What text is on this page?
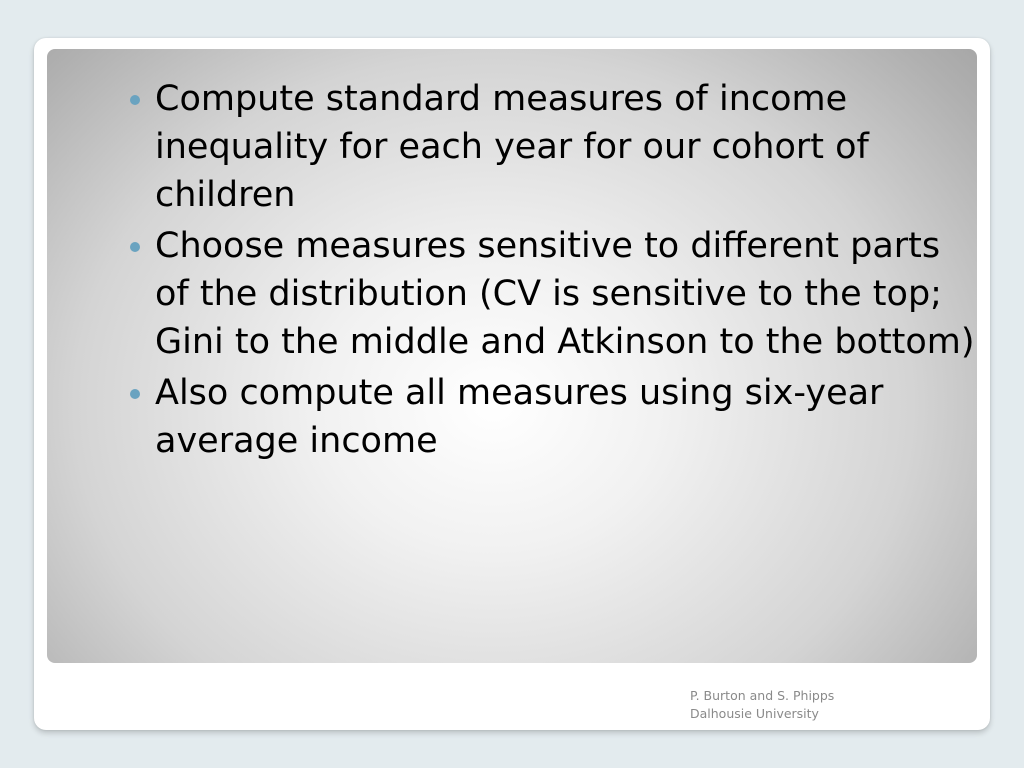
Compute standard measures of income inequality for each year for our cohort of children
Choose measures sensitive to different parts of the distribution (CV is sensitive to the top; Gini to the middle and Atkinson to the bottom)
Also compute all measures using six-year average income
P. Burton and S. Phipps
Dalhousie University
